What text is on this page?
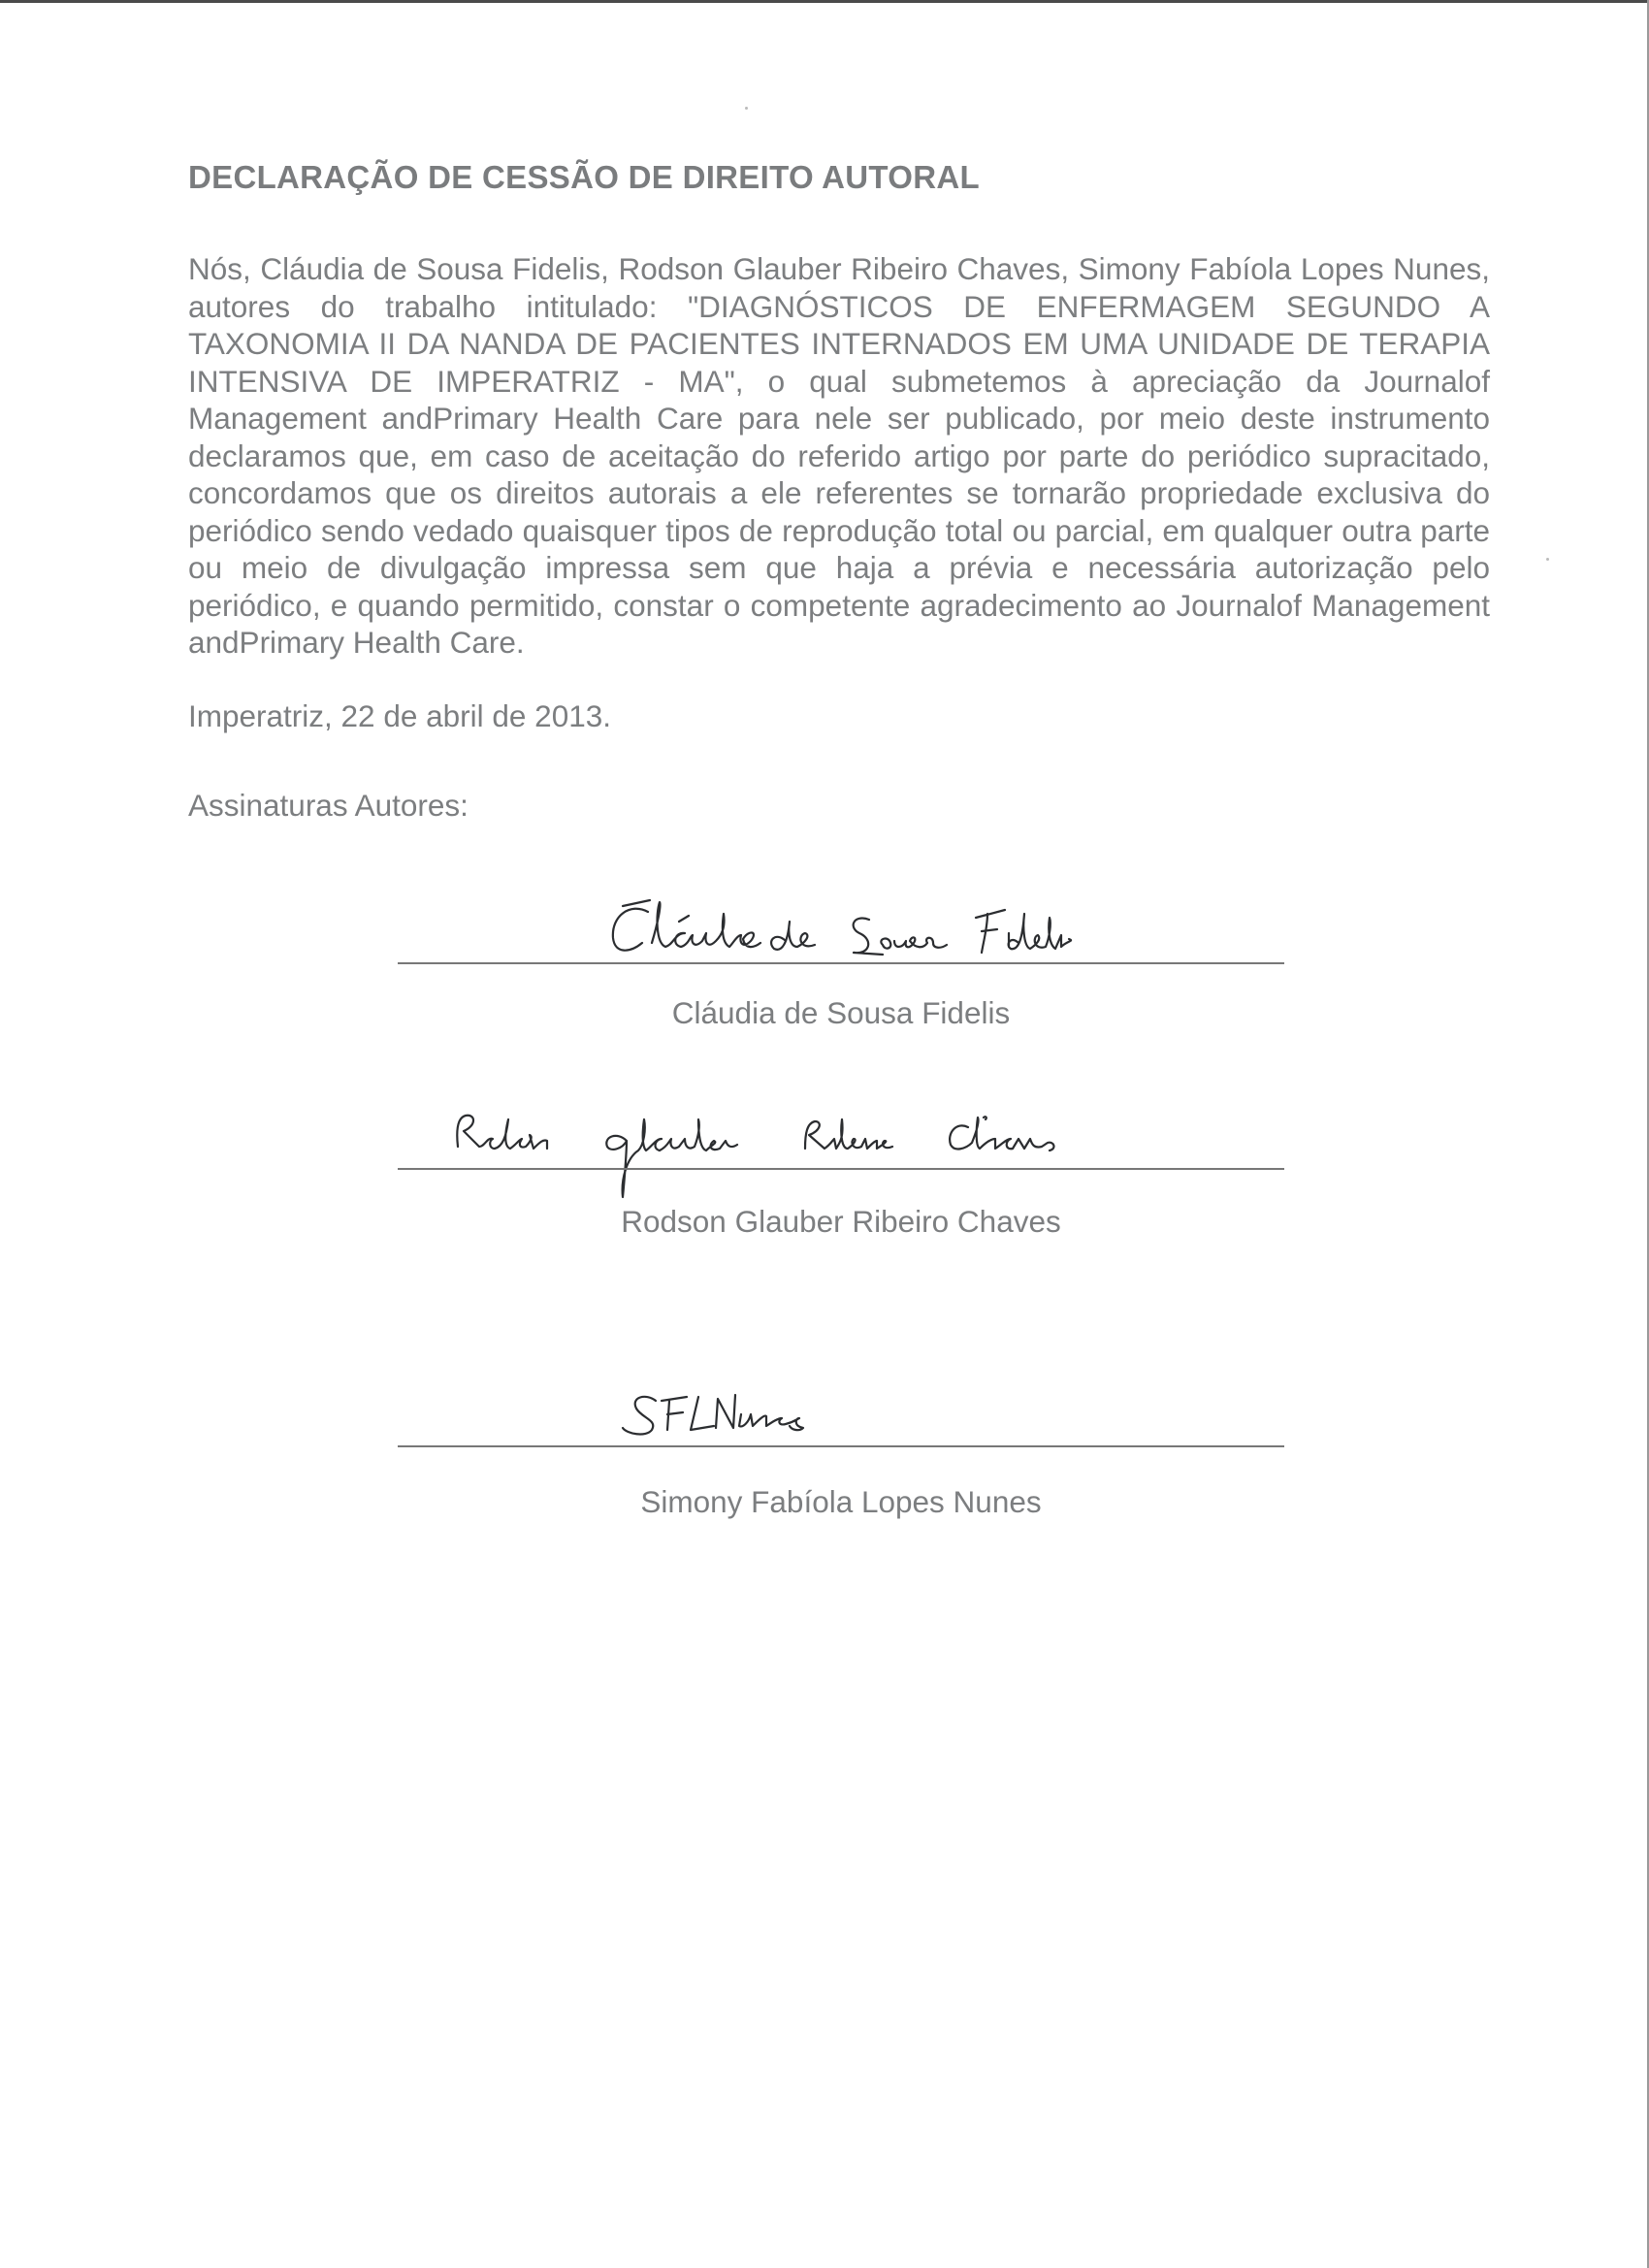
DECLARAÇÃO DE CESSÃO DE DIREITO AUTORAL
Nós, Cláudia de Sousa Fidelis, Rodson Glauber Ribeiro Chaves, Simony Fabíola Lopes Nunes, autores do trabalho intitulado: "DIAGNÓSTICOS DE ENFERMAGEM SEGUNDO A TAXONOMIA II DA NANDA DE PACIENTES INTERNADOS EM UMA UNIDADE DE TERAPIA INTENSIVA DE IMPERATRIZ - MA", o qual submetemos à apreciação da Journalof Management andPrimary Health Care para nele ser publicado, por meio deste instrumento declaramos que, em caso de aceitação do referido artigo por parte do periódico supracitado, concordamos que os direitos autorais a ele referentes se tornarão propriedade exclusiva do periódico sendo vedado quaisquer tipos de reprodução total ou parcial, em qualquer outra parte ou meio de divulgação impressa sem que haja a prévia e necessária autorização pelo periódico, e quando permitido, constar o competente agradecimento ao Journalof Management andPrimary Health Care.
Imperatriz, 22 de abril de 2013.
Assinaturas Autores:
Cláudia de Sousa Fidelis
Rodson Glauber Ribeiro Chaves
Simony Fabíola Lopes Nunes
